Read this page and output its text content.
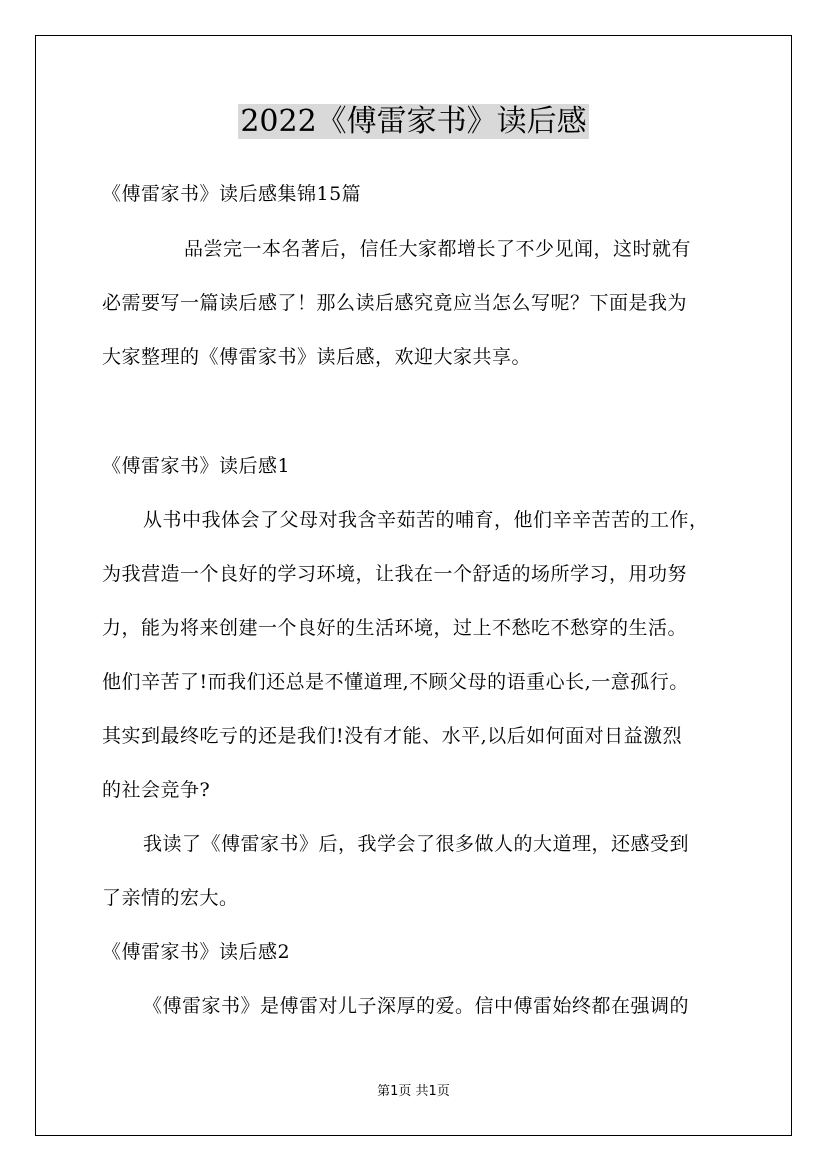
2022《傅雷家书》读后感
《傅雷家书》读后感集锦15篇
品尝完一本名著后，信任大家都增长了不少见闻，这时就有
必需要写一篇读后感了！那么读后感究竟应当怎么写呢？下面是我为
大家整理的《傅雷家书》读后感，欢迎大家共享。
《傅雷家书》读后感1
从书中我体会了父母对我含辛茹苦的哺育，他们辛辛苦苦的工作，
为我营造一个良好的学习环境，让我在一个舒适的场所学习，用功努
力，能为将来创建一个良好的生活环境，过上不愁吃不愁穿的生活。
他们辛苦了!而我们还总是不懂道理,不顾父母的语重心长,一意孤行。
其实到最终吃亏的还是我们!没有才能、水平,以后如何面对日益激烈
的社会竞争?
我读了《傅雷家书》后，我学会了很多做人的大道理，还感受到
了亲情的宏大。
《傅雷家书》读后感2
《傅雷家书》是傅雷对儿子深厚的爱。信中傅雷始终都在强调的
第1页 共1页
